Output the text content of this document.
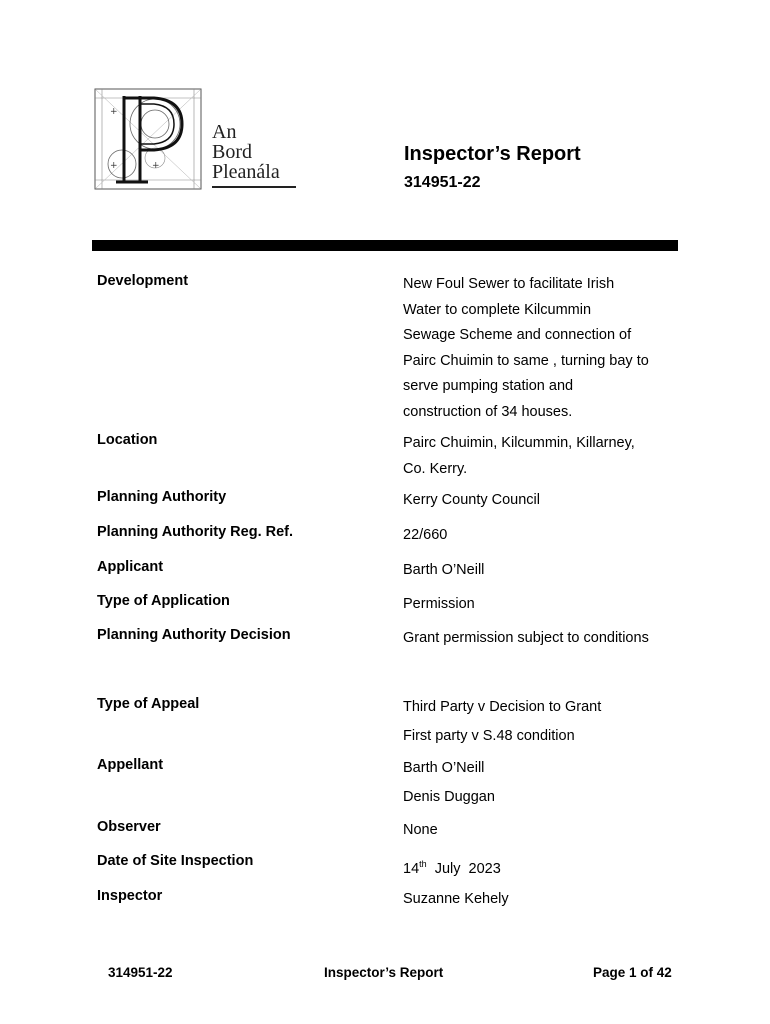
+
+	+
An
Bord
Pleanála
Inspector’s Report
314951-22
Development	New Foul Sewer to facilitate Irish
Water to complete Kilcummin
Sewage Scheme and connection of
Pairc Chuimin to same , turning bay to
serve pumping station and
construction of 34 houses.
Location	Pairc Chuimin, Kilcummin, Killarney,
Co. Kerry.
Planning Authority	Kerry County Council
Planning Authority Reg. Ref.	22/660
Applicant	Barth O’Neill
Type of Application	Permission
Planning Authority Decision	Grant permission subject to conditions
Type of Appeal	Third Party v Decision to Grant
First party v S.48 condition
Appellant	Barth O’Neill
Denis Duggan
Observer	None
Date of Site Inspection	14th  July  2023
Inspector	Suzanne Kehely
314951-22	Inspector’s Report	Page 1 of 42
